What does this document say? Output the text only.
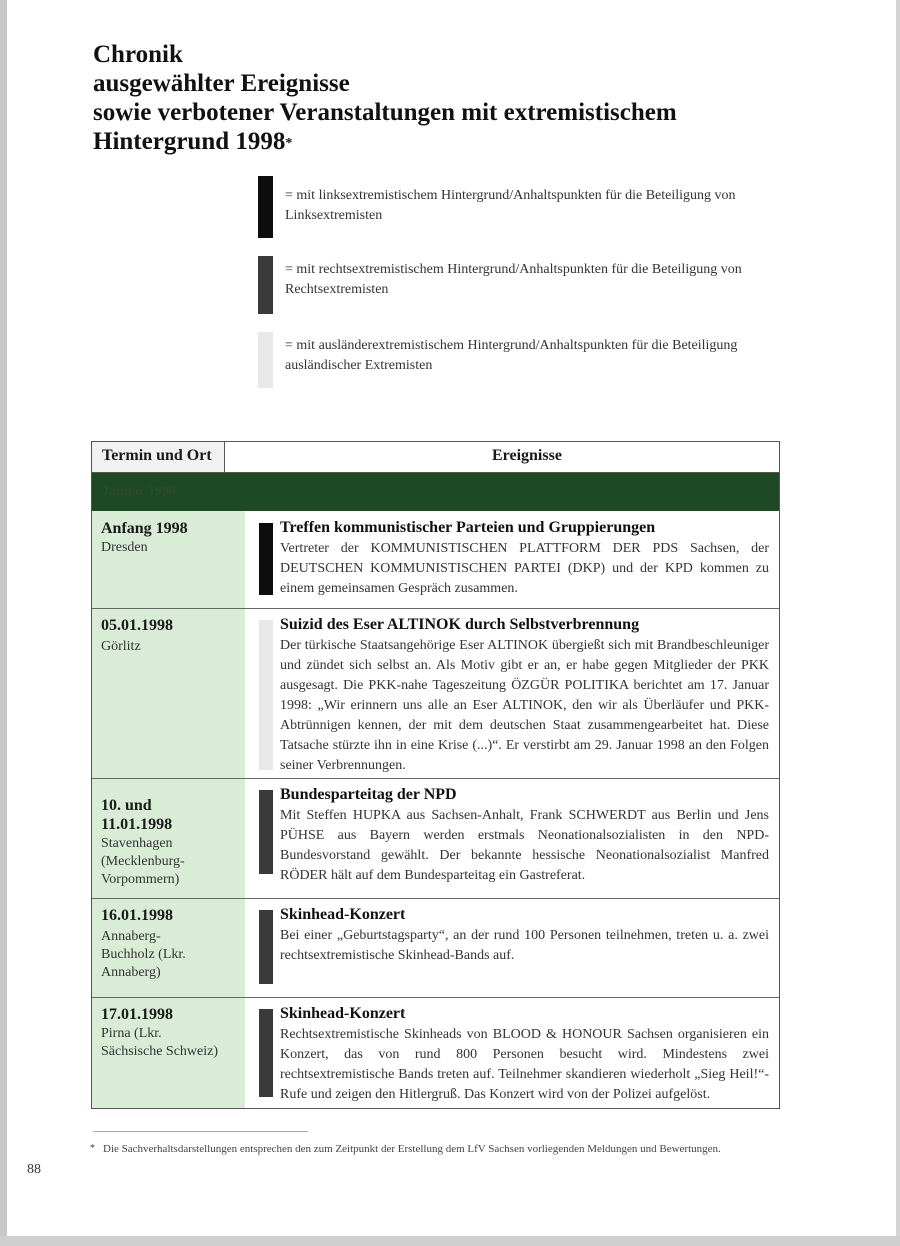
Chronik
ausgewählter Ereignisse
sowie verbotener Veranstaltungen mit extremistischem
Hintergrund 1998*
= mit linksextremistischem Hintergrund/Anhaltspunkten für die Beteiligung von Linksextremisten
= mit rechtsextremistischem Hintergrund/Anhaltspunkten für die Beteiligung von Rechtsextremisten
= mit ausländerextremistischem Hintergrund/Anhaltspunkten für die Beteiligung ausländischer Extremisten
Termin und Ort	Ereignisse
Januar 1998
Anfang 1998
Dresden
Treffen kommunistischer Parteien und Gruppierungen
Vertreter der KOMMUNISTISCHEN PLATTFORM DER PDS Sachsen, der DEUTSCHEN KOMMUNISTISCHEN PARTEI (DKP) und der KPD kommen zu einem gemeinsamen Gespräch zusammen.
05.01.1998
Görlitz
Suizid des Eser ALTINOK durch Selbstverbrennung
Der türkische Staatsangehörige Eser ALTINOK übergießt sich mit Brandbeschleuniger und zündet sich selbst an. Als Motiv gibt er an, er habe gegen Mitglieder der PKK ausgesagt. Die PKK-nahe Tageszeitung ÖZGÜR POLITIKA berichtet am 17. Januar 1998: „Wir erinnern uns alle an Eser ALTINOK, den wir als Überläufer und PKK-Abtrünnigen kennen, der mit dem deutschen Staat zusammengearbeitet hat. Diese Tatsache stürzte ihn in eine Krise (...)“. Er verstirbt am 29. Januar 1998 an den Folgen seiner Verbrennungen.
10. und 11.01.1998
Stavenhagen (Mecklenburg-Vorpommern)
Bundesparteitag der NPD
Mit Steffen HUPKA aus Sachsen-Anhalt, Frank SCHWERDT aus Berlin und Jens PÜHSE aus Bayern werden erstmals Neonationalsozialisten in den NPD-Bundesvorstand gewählt. Der bekannte hessische Neonationalsozialist Manfred RÖDER hält auf dem Bundesparteitag ein Gastreferat.
16.01.1998
Annaberg-Buchholz (Lkr. Annaberg)
Skinhead-Konzert
Bei einer „Geburtstagsparty“, an der rund 100 Personen teilnehmen, treten u. a. zwei rechtsextremistische Skinhead-Bands auf.
17.01.1998
Pirna (Lkr. Sächsische Schweiz)
Skinhead-Konzert
Rechtsextremistische Skinheads von BLOOD & HONOUR Sachsen organisieren ein Konzert, das von rund 800 Personen besucht wird. Mindestens zwei rechtsextremistische Bands treten auf. Teilnehmer skandieren wiederholt „Sieg Heil!“-Rufe und zeigen den Hitlergruß. Das Konzert wird von der Polizei aufgelöst.
* Die Sachverhaltsdarstellungen entsprechen den zum Zeitpunkt der Erstellung dem LfV Sachsen vorliegenden Meldungen und Bewertungen.
88
